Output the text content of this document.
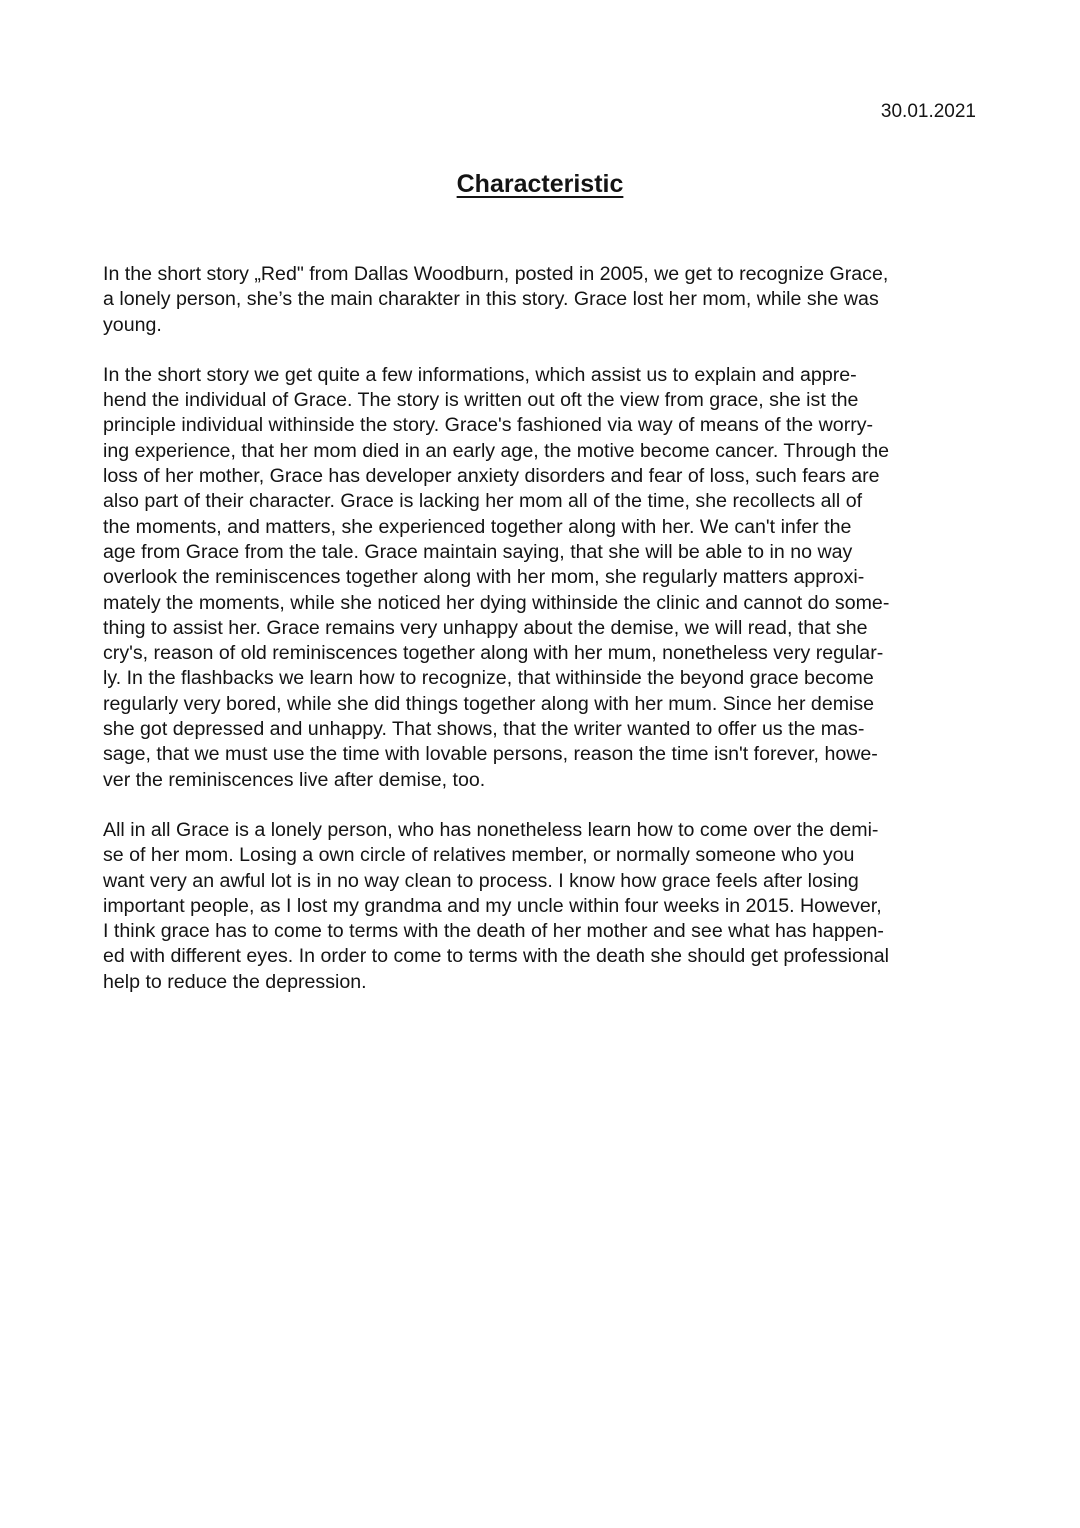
30.01.2021
Characteristic

In the short story „Red" from Dallas Woodburn, posted in 2005, we get to recognize Grace,
a lonely person, she’s the main charakter in this story. Grace lost her mom, while she was
young.

In the short story we get quite a few informations, which assist us to explain and appre-
hend the individual of Grace. The story is written out oft the view from grace, she ist the
principle individual withinside the story. Grace's fashioned via way of means of the worry-
ing experience, that her mom died in an early age, the motive become cancer. Through the
loss of her mother, Grace has developer anxiety disorders and fear of loss, such fears are
also part of their character. Grace is lacking her mom all of the time, she recollects all of
the moments, and matters, she experienced together along with her. We can't infer the
age from Grace from the tale. Grace maintain saying, that she will be able to in no way
overlook the reminiscences together along with her mom, she regularly matters approxi-
mately the moments, while she noticed her dying withinside the clinic and cannot do some-
thing to assist her. Grace remains very unhappy about the demise, we will read, that she
cry's, reason of old reminiscences together along with her mum, nonetheless very regular-
ly. In the flashbacks we learn how to recognize, that withinside the beyond grace become
regularly very bored, while she did things together along with her mum. Since her demise
she got depressed and unhappy. That shows, that the writer wanted to offer us the mas-
sage, that we must use the time with lovable persons, reason the time isn't forever, howe-
ver the reminiscences live after demise, too.

All in all Grace is a lonely person, who has nonetheless learn how to come over the demi-
se of her mom. Losing a own circle of relatives member, or normally someone who you
want very an awful lot is in no way clean to process. I know how grace feels after losing
important people, as I lost my grandma and my uncle within four weeks in 2015. However,
I think grace has to come to terms with the death of her mother and see what has happen-
ed with different eyes. In order to come to terms with the death she should get professional
help to reduce the depression.
